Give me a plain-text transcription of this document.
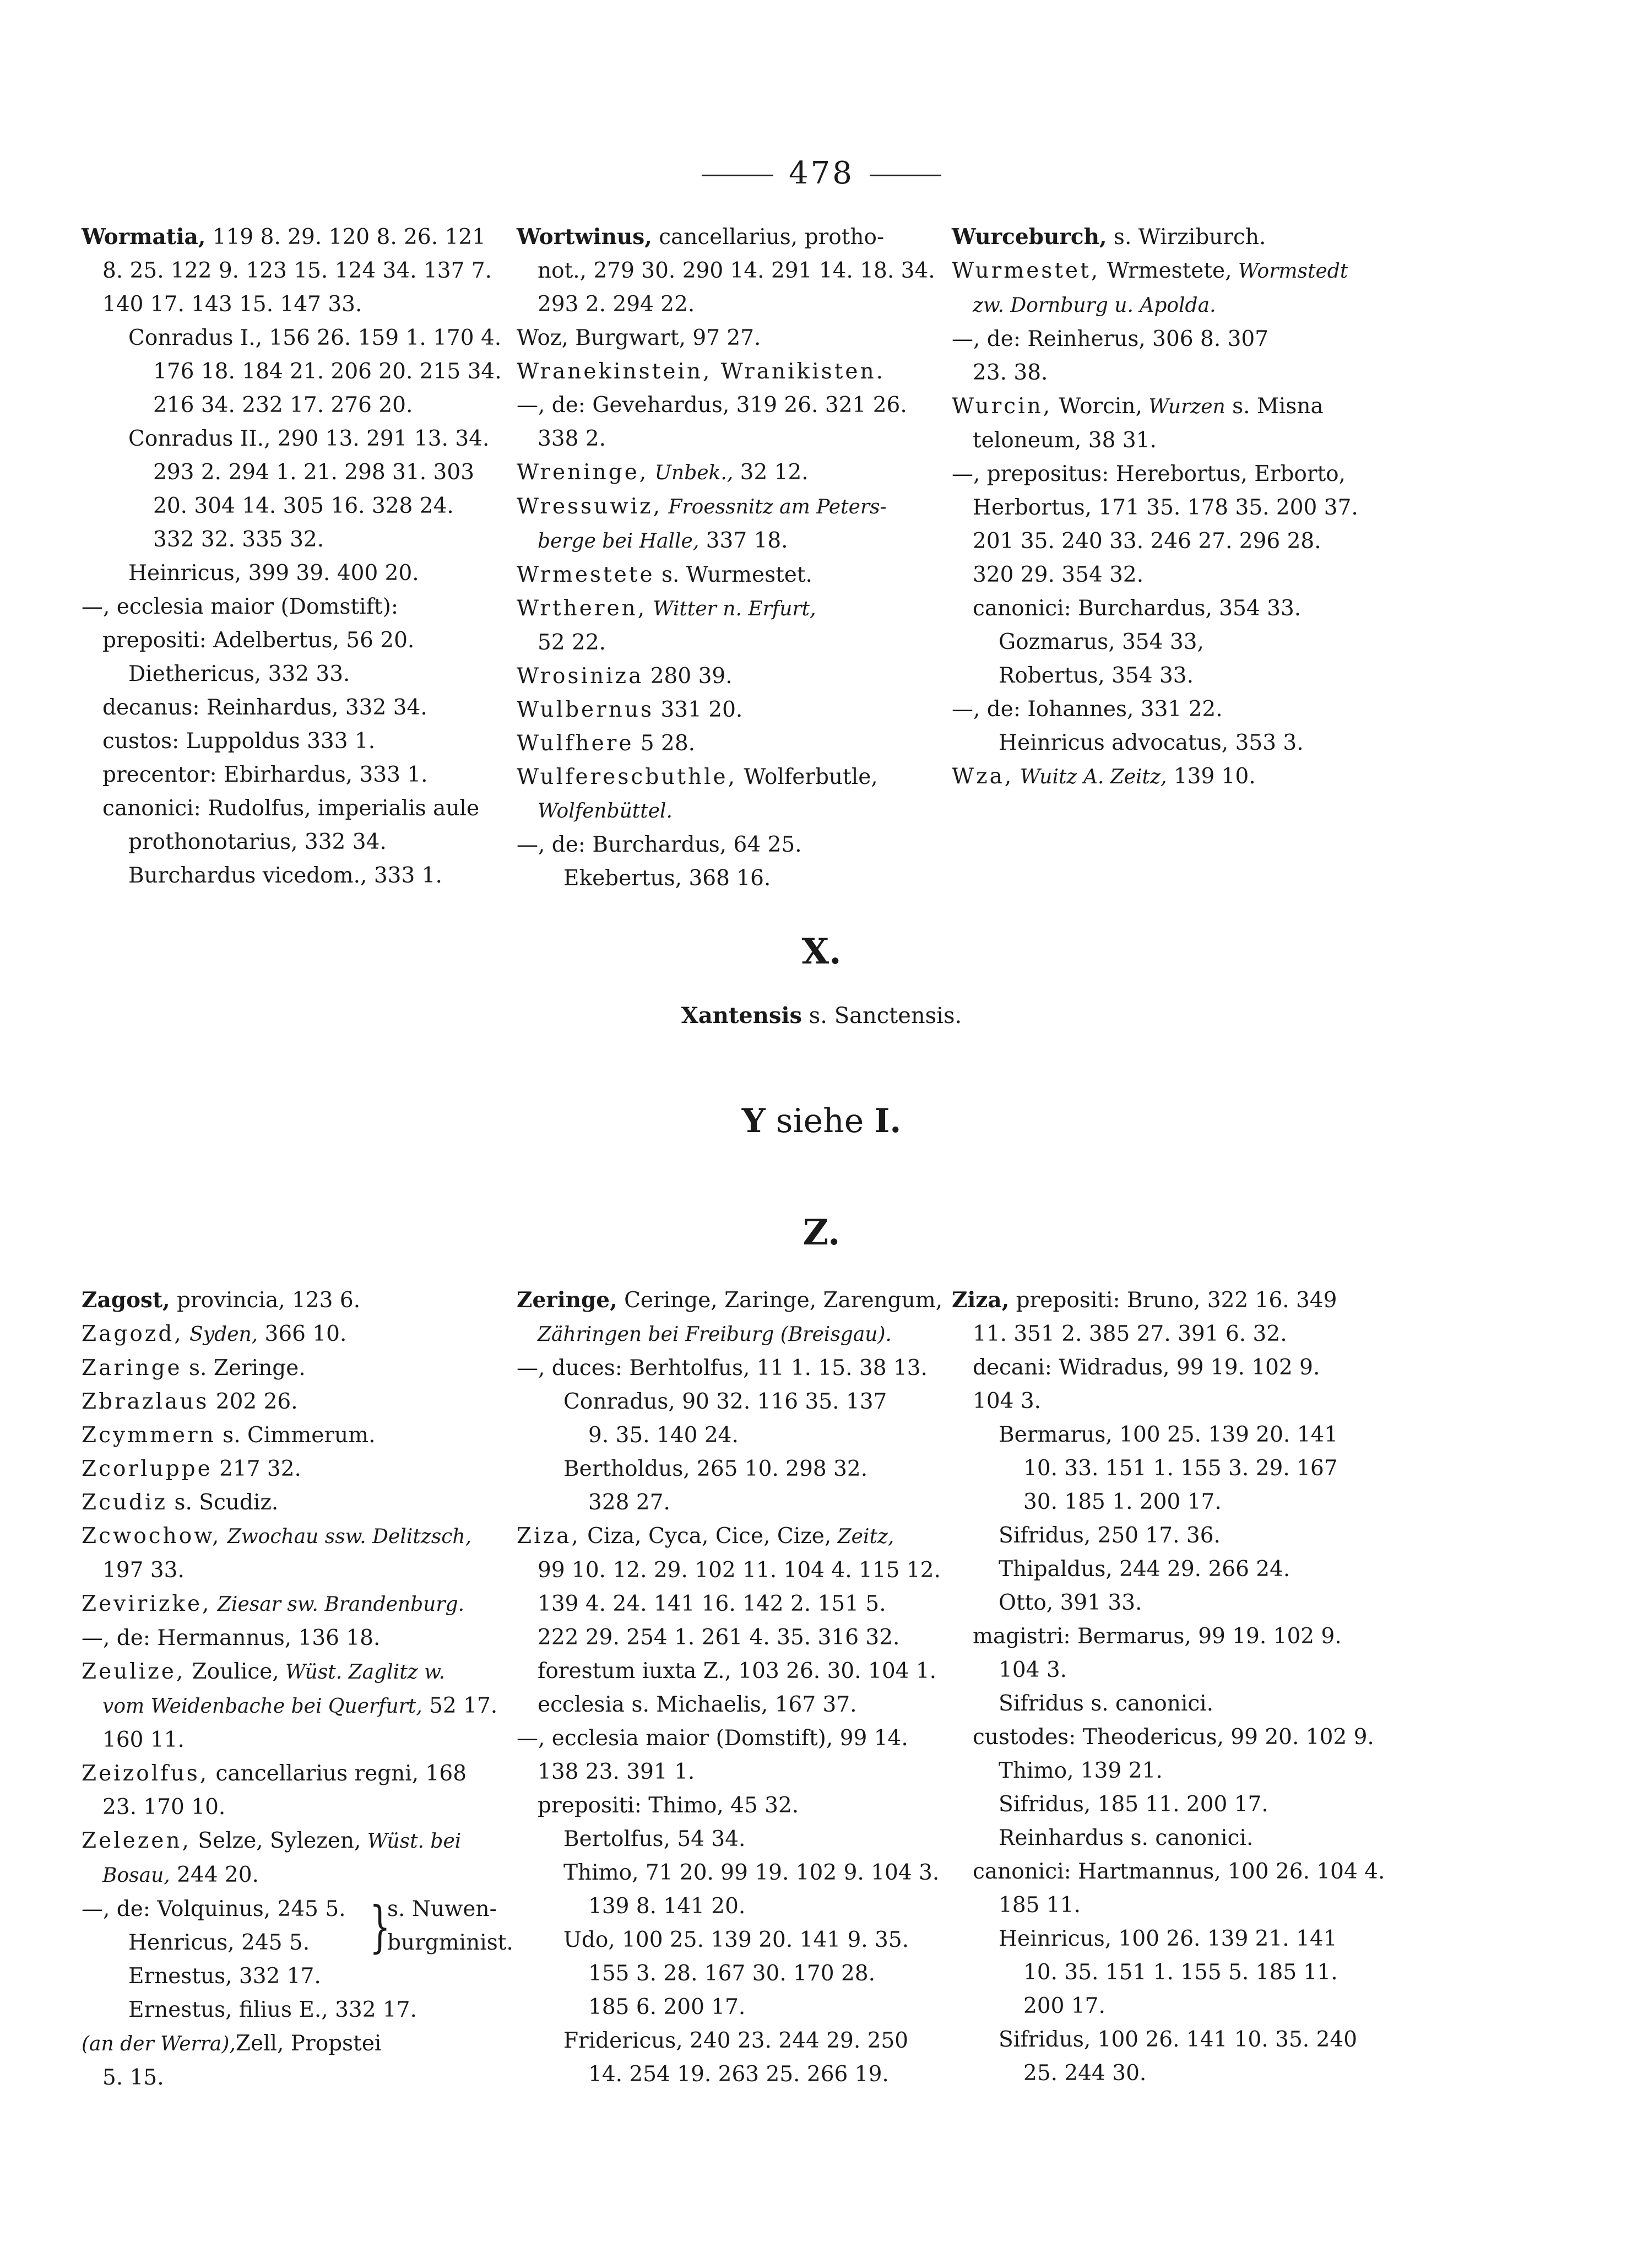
478
Wormatia, 119 8. 29. 120 8. 26. 121
8. 25. 122 9. 123 15. 124 34. 137 7.
140 17. 143 15. 147 33.
Conradus I., 156 26. 159 1. 170 4.
176 18. 184 21. 206 20. 215 34.
216 34. 232 17. 276 20.
Conradus II., 290 13. 291 13. 34.
293 2. 294 1. 21. 298 31. 303
20. 304 14. 305 16. 328 24.
332 32. 335 32.
Heinricus, 399 39. 400 20.
—, ecclesia maior (Domstift):
prepositi: Adelbertus, 56 20.
Diethericus, 332 33.
decanus: Reinhardus, 332 34.
custos: Luppoldus 333 1.
precentor: Ebirhardus, 333 1.
canonici: Rudolfus, imperialis aule
prothonotarius, 332 34.
Burchardus vicedom., 333 1.
Wortwinus, cancellarius, protho-
not., 279 30. 290 14. 291 14. 18. 34.
293 2. 294 22.
Woz, Burgwart, 97 27.
Wranekinstein, Wranikisten.
—, de: Gevehardus, 319 26. 321 26.
338 2.
Wreninge, Unbek., 32 12.
Wressuwiz, Froessnitz am Peters-
berge bei Halle, 337 18.
Wrmestete s. Wurmestet.
Wrtheren, Witter n. Erfurt,
52 22.
Wrosiniza 280 39.
Wulbernus 331 20.
Wulfhere 5 28.
Wulferescbuthle, Wolferbutle,
Wolfenbüttel.
—, de: Burchardus, 64 25.
Ekebertus, 368 16.
Wurceburch, s. Wirziburch.
Wurmestet, Wrmestete, Wormstedt
zw. Dornburg u. Apolda.
—, de: Reinherus, 306 8. 307
23. 38.
Wurcin, Worcin, Wurzen s. Misna
teloneum, 38 31.
—, prepositus: Herebortus, Erborto,
Herbortus, 171 35. 178 35. 200 37.
201 35. 240 33. 246 27. 296 28.
320 29. 354 32.
canonici: Burchardus, 354 33.
Gozmarus, 354 33,
Robertus, 354 33.
—, de: Iohannes, 331 22.
Heinricus advocatus, 353 3.
Wza, Wuitz A. Zeitz, 139 10.
X.
Xantensis s. Sanctensis.
Y siehe I.
Z.
Zagost, provincia, 123 6.
Zagozd, Syden, 366 10.
Zaringe s. Zeringe.
Zbrazlaus 202 26.
Zcymmern s. Cimmerum.
Zcorluppe 217 32.
Zcudiz s. Scudiz.
Zcwochow, Zwochau ssw. Delitzsch,
197 33.
Zevirizke, Ziesar sw. Brandenburg.
—, de: Hermannus, 136 18.
Zeulize, Zoulice, Wüst. Zaglitz w.
vom Weidenbache bei Querfurt, 52 17.
160 11.
Zeizolfus, cancellarius regni, 168
23. 170 10.
Zelezen, Selze, Sylezen, Wüst. bei
Bosau, 244 20.
—, de: Volquinus, 245 5.
Henricus, 245 5. }
s. Nuwen-
burgminist.
Ernestus, 332 17.
Ernestus, filius E., 332 17.
(an der Werra),Zell, Propstei
5. 15.
Zeringe, Ceringe, Zaringe, Zarengum,
Zähringen bei Freiburg (Breisgau).
—, duces: Berhtolfus, 11 1. 15. 38 13.
Conradus, 90 32. 116 35. 137
9. 35. 140 24.
Bertholdus, 265 10. 298 32.
328 27.
Ziza, Ciza, Cyca, Cice, Cize, Zeitz,
99 10. 12. 29. 102 11. 104 4. 115 12.
139 4. 24. 141 16. 142 2. 151 5.
222 29. 254 1. 261 4. 35. 316 32.
forestum iuxta Z., 103 26. 30. 104 1.
ecclesia s. Michaelis, 167 37.
—, ecclesia maior (Domstift), 99 14.
138 23. 391 1.
prepositi: Thimo, 45 32.
Bertolfus, 54 34.
Thimo, 71 20. 99 19. 102 9. 104 3.
139 8. 141 20.
Udo, 100 25. 139 20. 141 9. 35.
155 3. 28. 167 30. 170 28.
185 6. 200 17.
Fridericus, 240 23. 244 29. 250
14. 254 19. 263 25. 266 19.
Ziza, prepositi: Bruno, 322 16. 349
11. 351 2. 385 27. 391 6. 32.
decani: Widradus, 99 19. 102 9.
104 3.
Bermarus, 100 25. 139 20. 141
10. 33. 151 1. 155 3. 29. 167
30. 185 1. 200 17.
Sifridus, 250 17. 36.
Thipaldus, 244 29. 266 24.
Otto, 391 33.
magistri: Bermarus, 99 19. 102 9.
104 3.
Sifridus s. canonici.
custodes: Theodericus, 99 20. 102 9.
Thimo, 139 21.
Sifridus, 185 11. 200 17.
Reinhardus s. canonici.
canonici: Hartmannus, 100 26. 104 4.
185 11.
Heinricus, 100 26. 139 21. 141
10. 35. 151 1. 155 5. 185 11.
200 17.
Sifridus, 100 26. 141 10. 35. 240
25. 244 30.
